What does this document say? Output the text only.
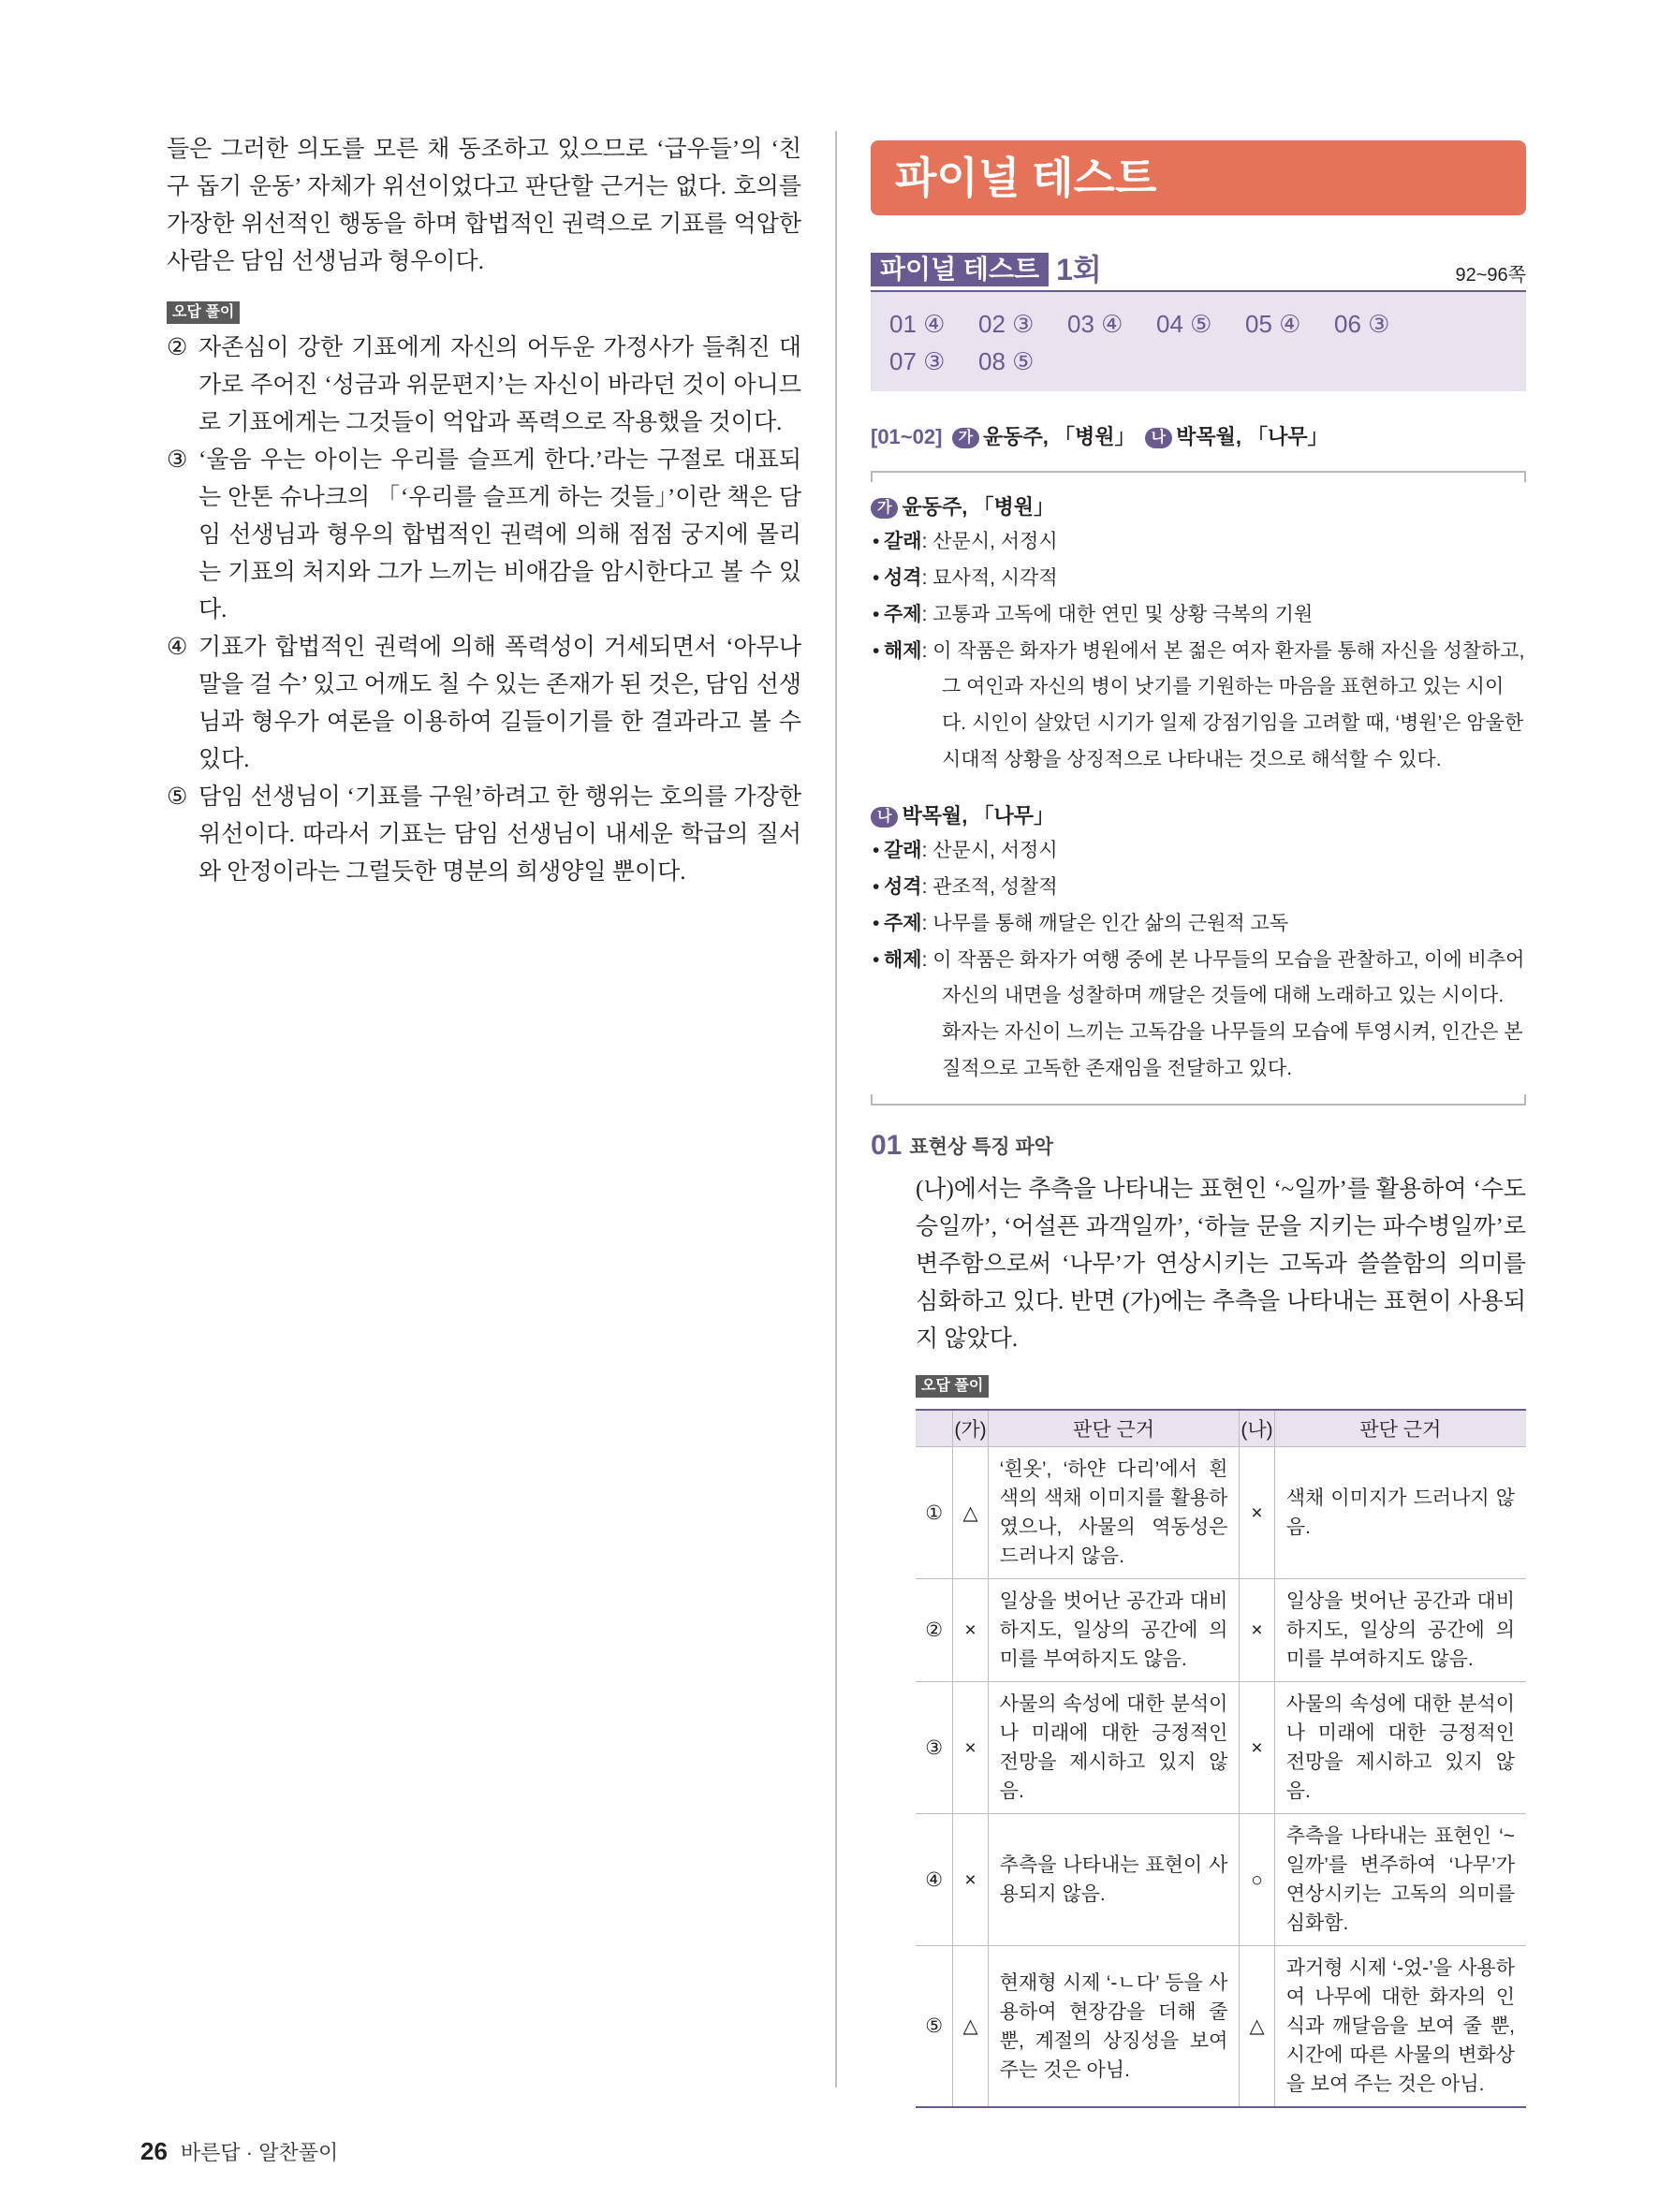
들은 그러한 의도를 모른 채 동조하고 있으므로 ‘급우들’의 ‘친구 돕기 운동’ 자체가 위선이었다고 판단할 근거는 없다. 호의를 가장한 위선적인 행동을 하며 합법적인 권력으로 기표를 억압한 사람은 담임 선생님과 형우이다.

오답 풀이

② 자존심이 강한 기표에게 자신의 어두운 가정사가 들춰진 대가로 주어진 ‘성금과 위문편지’는 자신이 바라던 것이 아니므로 기표에게는 그것들이 억압과 폭력으로 작용했을 것이다.

③ ‘울음 우는 아이는 우리를 슬프게 한다.’라는 구절로 대표되는 안톤 슈나크의 「‘우리를 슬프게 하는 것들」’이란 책은 담임 선생님과 형우의 합법적인 권력에 의해 점점 궁지에 몰리는 기표의 처지와 그가 느끼는 비애감을 암시한다고 볼 수 있다.

④ 기표가 합법적인 권력에 의해 폭력성이 거세되면서 ‘아무나 말을 걸 수’ 있고 어깨도 칠 수 있는 존재가 된 것은, 담임 선생님과 형우가 여론을 이용하여 길들이기를 한 결과라고 볼 수 있다.

⑤ 담임 선생님이 ‘기표를 구원’하려고 한 행위는 호의를 가장한 위선이다. 따라서 기표는 담임 선생님이 내세운 학급의 질서와 안정이라는 그럴듯한 명분의 희생양일 뿐이다.

파이널 테스트
파이널 테스트 1회	92~96쪽
01 ④ 02 ③ 03 ④ 04 ⑤ 05 ④ 06 ③07 ③ 08 ⑤
[01~02] 가 윤동주, 「병원」 나 박목월, 「나무」
가 윤동주, 「병원」
• 갈래: 산문시, 서정시
• 성격: 묘사적, 시각적
• 주제: 고통과 고독에 대한 연민 및 상황 극복의 기원
• 해제: 이 작품은 화자가 병원에서 본 젊은 여자 환자를 통해 자신을 성찰하고,
그 여인과 자신의 병이 낫기를 기원하는 마음을 표현하고 있는 시이다. 시인이 살았던 시기가 일제 강점기임을 고려할 때, ‘병원’은 암울한 시대적 상황을 상징적으로 나타내는 것으로 해석할 수 있다.
나 박목월, 「나무」
• 갈래: 산문시, 서정시
• 성격: 관조적, 성찰적
• 주제: 나무를 통해 깨달은 인간 삶의 근원적 고독
• 해제: 이 작품은 화자가 여행 중에 본 나무들의 모습을 관찰하고, 이에 비추어
자신의 내면을 성찰하며 깨달은 것들에 대해 노래하고 있는 시이다. 화자는 자신이 느끼는 고독감을 나무들의 모습에 투영시켜, 인간은 본질적으로 고독한 존재임을 전달하고 있다.
01 표현상 특징 파악
(나)에서는 추측을 나타내는 표현인 ‘~일까’를 활용하여 ‘수도승일까’, ‘어설픈 과객일까’, ‘하늘 문을 지키는 파수병일까’로 변주함으로써 ‘나무’가 연상시키는 고독과 쓸쓸함의 의미를 심화하고 있다. 반면 (가)에는 추측을 나타내는 표현이 사용되지 않았다.
오답 풀이
	(가)	판단 근거	(나)	판단 근거
①	△	‘흰옷’, ‘하얀 다리’에서 흰색의 색채 이미지를 활용하였으나, 사물의 역동성은 드러나지 않음.	×	색채 이미지가 드러나지 않음.
②	×	일상을 벗어난 공간과 대비하지도, 일상의 공간에 의미를 부여하지도 않음.	×	일상을 벗어난 공간과 대비하지도, 일상의 공간에 의미를 부여하지도 않음.
③	×	사물의 속성에 대한 분석이나 미래에 대한 긍정적인 전망을 제시하고 있지 않음.	×	사물의 속성에 대한 분석이나 미래에 대한 긍정적인 전망을 제시하고 있지 않음.
④	×	추측을 나타내는 표현이 사용되지 않음.	○	추측을 나타내는 표현인 ‘~일까’를 변주하여 ‘나무’가 연상시키는 고독의 의미를 심화함.
⑤	△	현재형 시제 ‘-ㄴ다’ 등을 사용하여 현장감을 더해 줄 뿐, 계절의 상징성을 보여 주는 것은 아님.	△	과거형 시제 ‘-었-’을 사용하여 나무에 대한 화자의 인식과 깨달음을 보여 줄 뿐, 시간에 따른 사물의 변화상을 보여 주는 것은 아님.
26 바른답 · 알찬풀이
